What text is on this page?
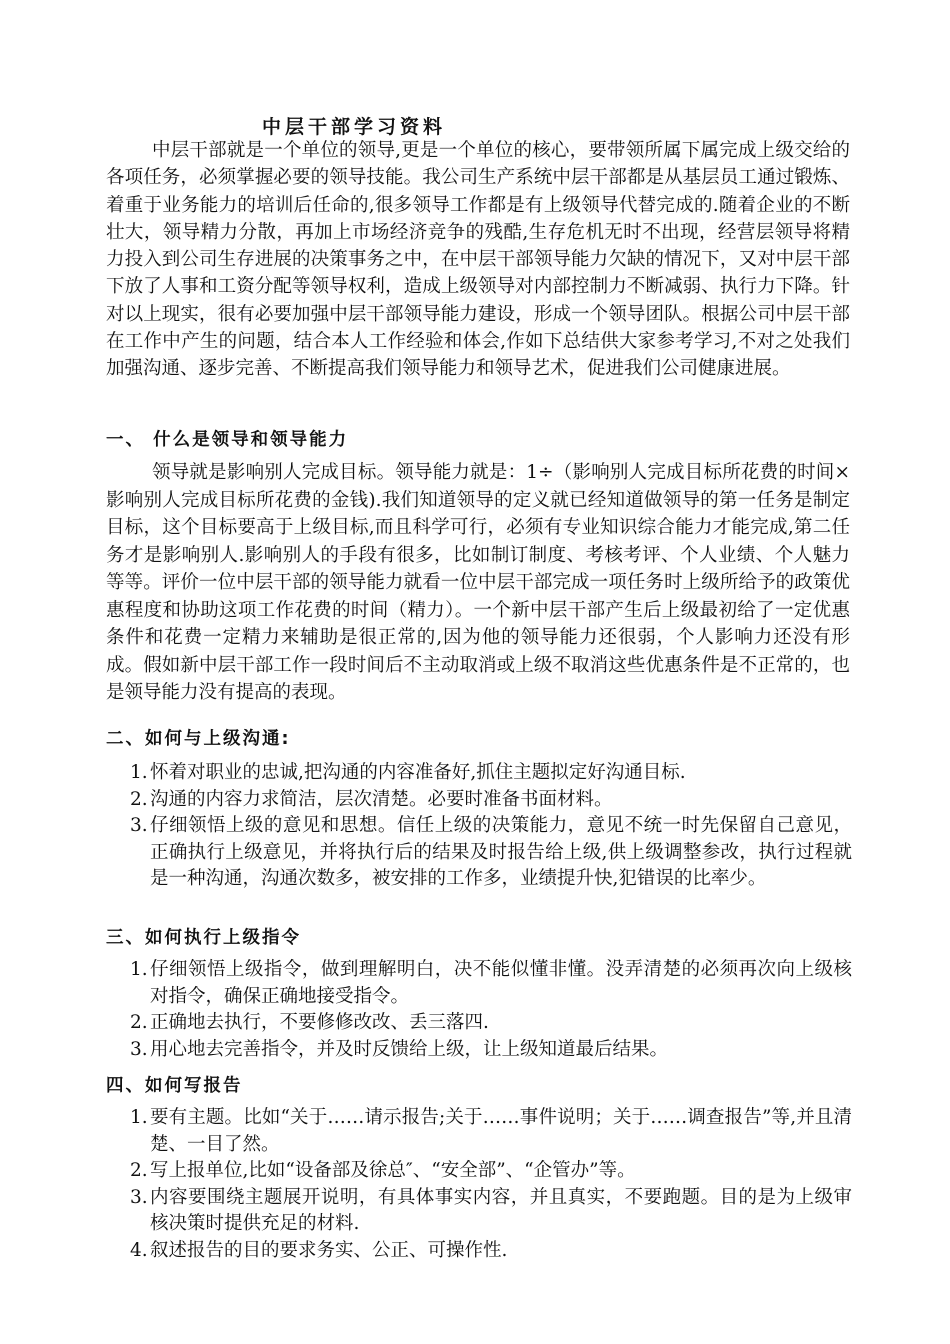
中层干部学习资料

中层干部就是一个单位的领导,更是一个单位的核心，要带领所属下属完成上级交给的各项任务，必须掌握必要的领导技能。我公司生产系统中层干部都是从基层员工通过锻炼、着重于业务能力的培训后任命的,很多领导工作都是有上级领导代替完成的.随着企业的不断壮大，领导精力分散，再加上市场经济竞争的残酷,生存危机无时不出现，经营层领导将精力投入到公司生存进展的决策事务之中，在中层干部领导能力欠缺的情况下，又对中层干部下放了人事和工资分配等领导权利，造成上级领导对内部控制力不断减弱、执行力下降。针对以上现实，很有必要加强中层干部领导能力建设，形成一个领导团队。根据公司中层干部在工作中产生的问题，结合本人工作经验和体会,作如下总结供大家参考学习,不对之处我们加强沟通、逐步完善、不断提高我们领导能力和领导艺术，促进我们公司健康进展。

一、 什么是领导和领导能力

领导就是影响别人完成目标。领导能力就是：1÷（影响别人完成目标所花费的时间×影响别人完成目标所花费的金钱).我们知道领导的定义就已经知道做领导的第一任务是制定目标，这个目标要高于上级目标,而且科学可行，必须有专业知识综合能力才能完成,第二任务才是影响别人.影响别人的手段有很多，比如制订制度、考核考评、个人业绩、个人魅力等等。评价一位中层干部的领导能力就看一位中层干部完成一项任务时上级所给予的政策优惠程度和协助这项工作花费的时间（精力）。一个新中层干部产生后上级最初给了一定优惠条件和花费一定精力来辅助是很正常的,因为他的领导能力还很弱，个人影响力还没有形成。假如新中层干部工作一段时间后不主动取消或上级不取消这些优惠条件是不正常的，也是领导能力没有提高的表现。

二、如何与上级沟通:
1. 怀着对职业的忠诚,把沟通的内容准备好,抓住主题拟定好沟通目标.
2. 沟通的内容力求简洁，层次清楚。必要时准备书面材料。
3. 仔细领悟上级的意见和思想。信任上级的决策能力，意见不统一时先保留自己意见，正确执行上级意见，并将执行后的结果及时报告给上级,供上级调整参改，执行过程就是一种沟通，沟通次数多，被安排的工作多，业绩提升快,犯错误的比率少。
三、如何执行上级指令
1. 仔细领悟上级指令，做到理解明白，决不能似懂非懂。没弄清楚的必须再次向上级核对指令，确保正确地接受指令。
2. 正确地去执行，不要修修改改、丢三落四.
3. 用心地去完善指令，并及时反馈给上级，让上级知道最后结果。
四、如何写报告
1. 要有主题。比如“关于……请示报告;关于……事件说明；关于……调查报告”等,并且清楚、一目了然。
2. 写上报单位,比如“设备部及徐总″、“安全部”、“企管办”等。
3. 内容要围绕主题展开说明，有具体事实内容，并且真实，不要跑题。目的是为上级审核决策时提供充足的材料.
4. 叙述报告的目的要求务实、公正、可操作性.
